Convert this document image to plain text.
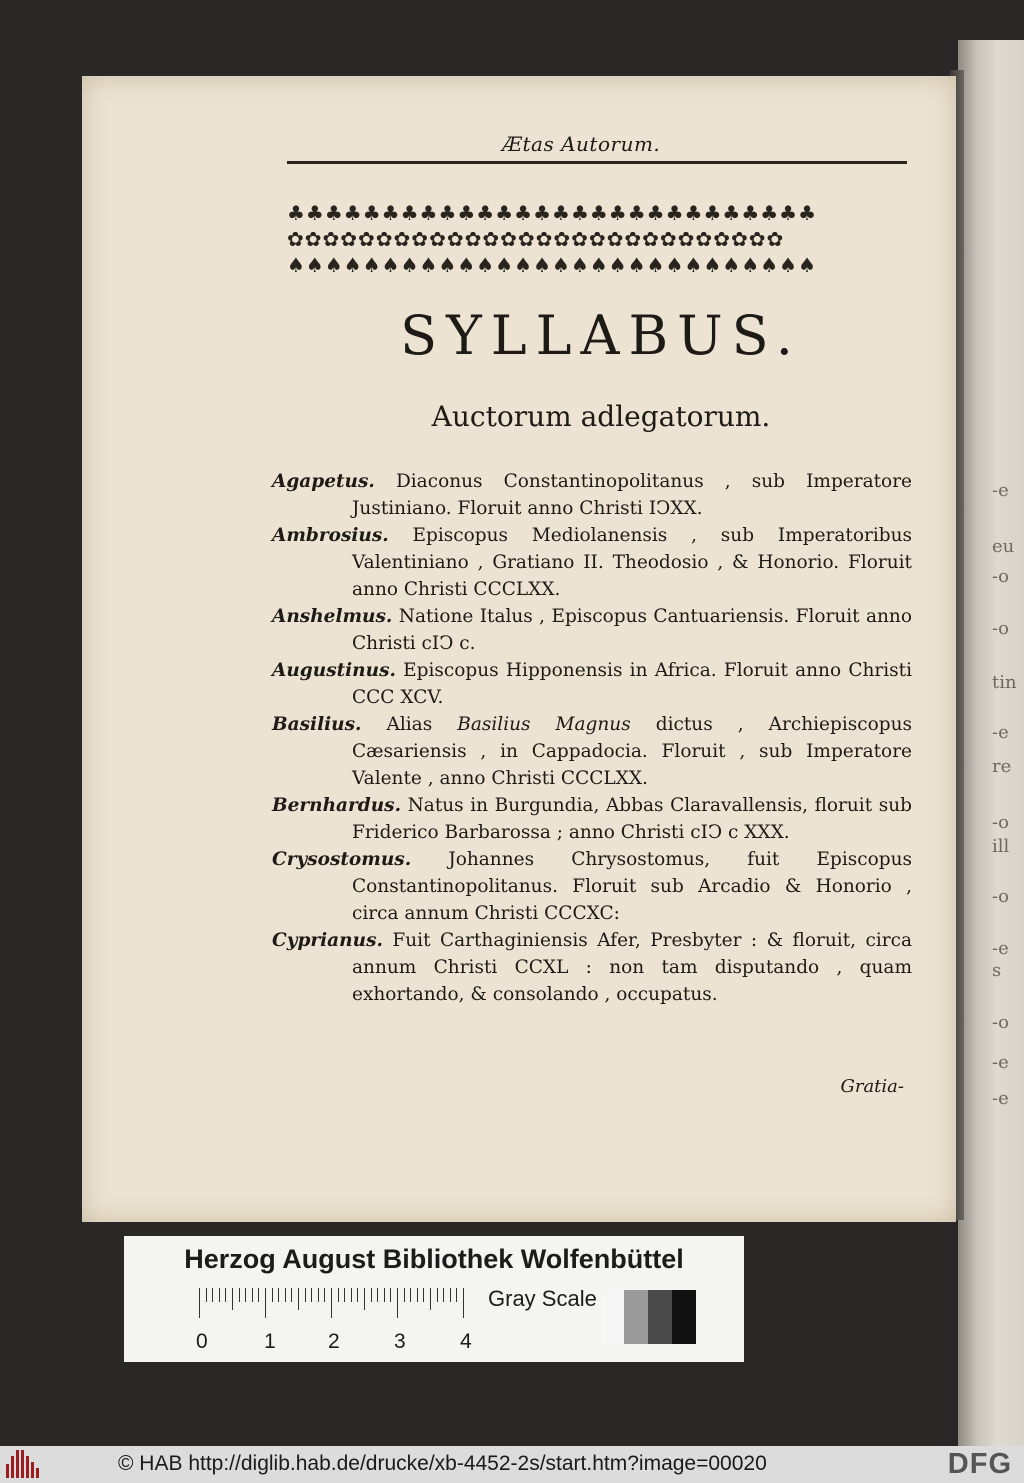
Ætas Autorum.
♣♣♣♣♣♣♣♣♣♣♣♣♣♣♣♣♣♣♣♣♣♣♣♣♣♣♣♣
✿✿✿✿✿✿✿✿✿✿✿✿✿✿✿✿✿✿✿✿✿✿✿✿✿✿✿✿
♠♠♠♠♠♠♠♠♠♠♠♠♠♠♠♠♠♠♠♠♠♠♠♠♠♠♠♠
SYLLABUS.
Auctorum adlegatorum.

Agapetus. Diaconus Constantinopolitanus , sub Imperatore Justiniano. Floruit anno Christi IↃXX.

Ambrosius. Episcopus Mediolanensis , sub Imperatoribus Valentiniano , Gratiano II. Theodosio , & Honorio. Floruit anno Christi CCCLXX.

Anshelmus. Natione Italus , Episcopus Cantuariensis. Floruit anno Christi cIↃ c.

Augustinus. Episcopus Hipponensis in Africa. Floruit anno Christi CCC XCV.

Basilius. Alias Basilius Magnus dictus , Archiepiscopus Cæsariensis , in Cappadocia. Floruit , sub Imperatore Valente , anno Christi CCCLXX.

Bernhardus. Natus in Burgundia, Abbas Claravallensis, floruit sub Friderico Barbarossa ; anno Christi cIↃ c XXX.

Crysostomus. Johannes Chrysostomus, fuit Episcopus Constantinopolitanus. Floruit sub Arcadio & Honorio , circa annum Christi CCCXC:

Cyprianus. Fuit Carthaginiensis Afer, Presbyter : & floruit, circa annum Christi CCXL : non tam disputando , quam exhortando, & consolando , occupatus.

Gratia-
-e
eu
-o
-o
tin
-e
re
-o
ill
-o
-e
s
-o
-e
-e
Herzog August Bibliothek Wolfenbüttel
0	1 2	3	4
Gray Scale
© HAB http://diglib.hab.de/drucke/xb-4452-2s/start.htm?image=00020	DFG
